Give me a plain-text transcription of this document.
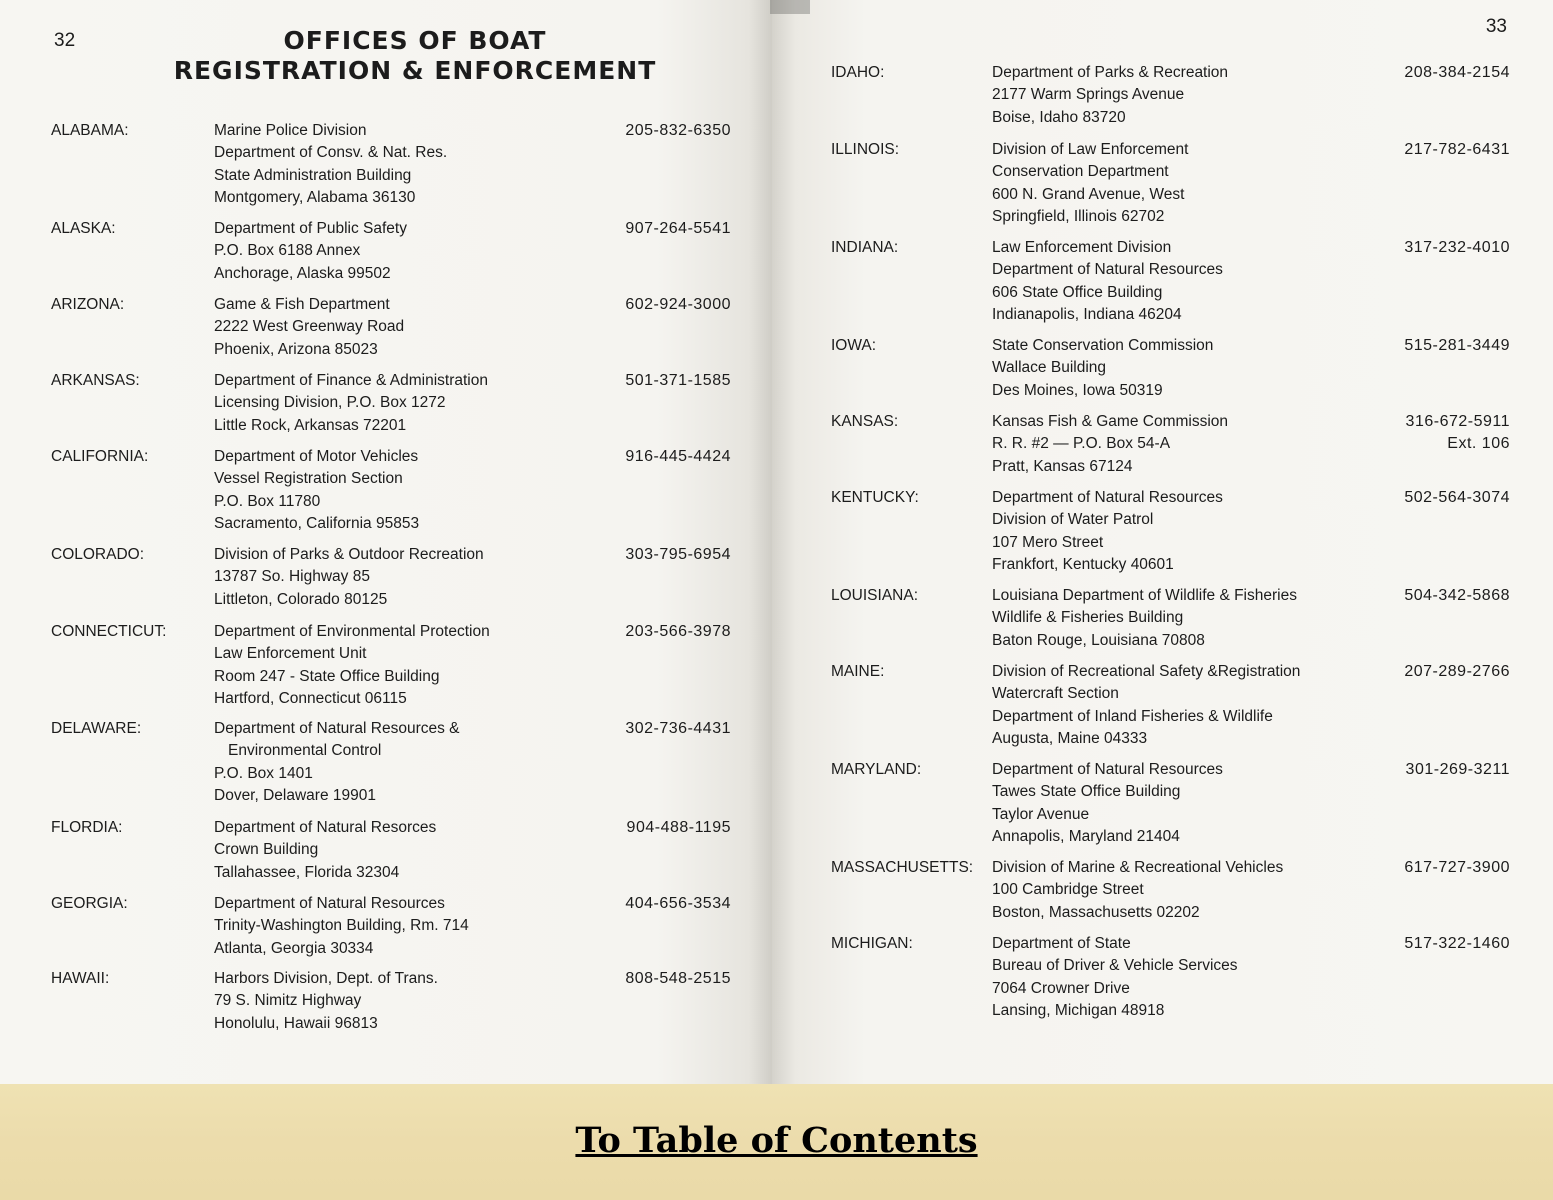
32
33
OFFICES OF BOAT
REGISTRATION & ENFORCEMENT
ALABAMA:	Marine Police Division
Department of Consv. & Nat. Res.
State Administration Building
Montgomery, Alabama 36130
205-832-6350
ALASKA:	Department of Public Safety
P.O. Box 6188 Annex
Anchorage, Alaska 99502
907-264-5541
ARIZONA:	Game & Fish Department
2222 West Greenway Road
Phoenix, Arizona 85023
602-924-3000
ARKANSAS:	Department of Finance & Administration
Licensing Division, P.O. Box 1272
Little Rock, Arkansas 72201
501-371-1585
CALIFORNIA:	Department of Motor Vehicles
Vessel Registration Section
P.O. Box 11780
Sacramento, California 95853
916-445-4424
COLORADO:	Division of Parks & Outdoor Recreation
13787 So. Highway 85
Littleton, Colorado 80125
303-795-6954
CONNECTICUT:	Department of Environmental Protection
Law Enforcement Unit
Room 247 - State Office Building
Hartford, Connecticut 06115
203-566-3978
DELAWARE:	Department of Natural Resources &
Environmental Control
P.O. Box 1401
Dover, Delaware 19901
302-736-4431
FLORDIA:	Department of Natural Resorces
Crown Building
Tallahassee, Florida 32304
904-488-1195
GEORGIA:	Department of Natural Resources
Trinity-Washington Building, Rm. 714
Atlanta, Georgia 30334
404-656-3534
HAWAII:	Harbors Division, Dept. of Trans.
79 S. Nimitz Highway
Honolulu, Hawaii 96813
808-548-2515
IDAHO:	Department of Parks & Recreation
2177 Warm Springs Avenue
Boise, Idaho 83720
208-384-2154
ILLINOIS:	Division of Law Enforcement
Conservation Department
600 N. Grand Avenue, West
Springfield, Illinois 62702
217-782-6431
INDIANA:	Law Enforcement Division
Department of Natural Resources
606 State Office Building
Indianapolis, Indiana 46204
317-232-4010
IOWA:	State Conservation Commission
Wallace Building
Des Moines, Iowa 50319
515-281-3449
KANSAS:	Kansas Fish & Game Commission
R. R. #2 — P.O. Box 54-A
Pratt, Kansas 67124
316-672-5911
Ext. 106
KENTUCKY:	Department of Natural Resources
Division of Water Patrol
107 Mero Street
Frankfort, Kentucky 40601
502-564-3074
LOUISIANA:	Louisiana Department of Wildlife & Fisheries
Wildlife & Fisheries Building
Baton Rouge, Louisiana 70808
504-342-5868
MAINE:	Division of Recreational Safety &Registration
Watercraft Section
Department of Inland Fisheries & Wildlife
Augusta, Maine 04333
207-289-2766
MARYLAND:	Department of Natural Resources
Tawes State Office Building
Taylor Avenue
Annapolis, Maryland 21404
301-269-3211
MASSACHUSETTS: Division of Marine & Recreational Vehicles
100 Cambridge Street
Boston, Massachusetts 02202
617-727-3900
MICHIGAN:	Department of State
Bureau of Driver & Vehicle Services
7064 Crowner Drive
Lansing, Michigan 48918
517-322-1460
To Table of Contents
